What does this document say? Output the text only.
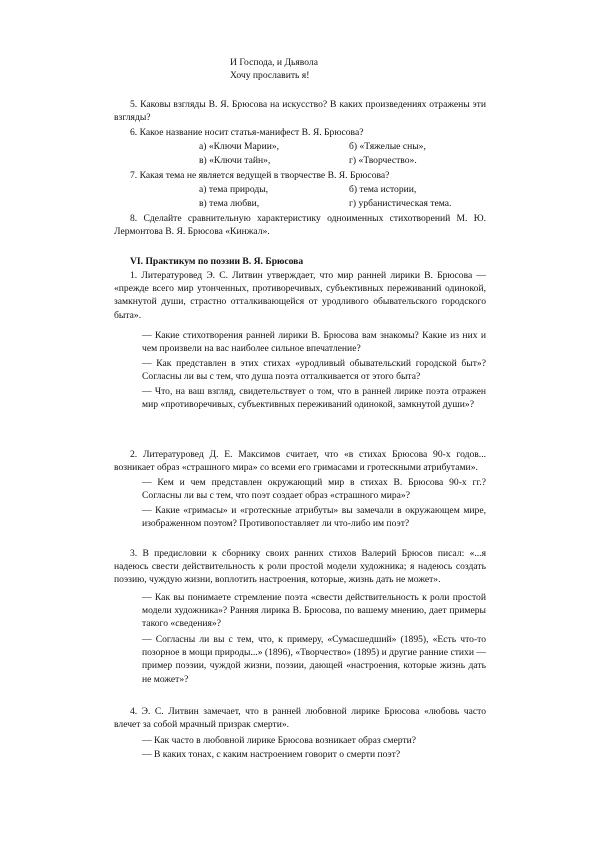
И Господа, и Дьявола
Хочу прославить я!

5. Каковы взгляды В. Я. Брюсова на искусство? В каких произведениях отражены эти взгляды?

6. Какое название носит статья-манифест В. Я. Брюсова?

а) «Ключи Марии»,	б) «Тяжелые сны»,
в) «Ключи тайн»,	г) «Творчество».

7. Какая тема не является ведущей в творчестве В. Я. Брюсова?

а) тема природы,	б) тема истории,
в) тема любви,	г) урбанистическая тема.

8. Сделайте сравнительную характеристику одноименных стихотворений М. Ю. Лермонтова В. Я. Брюсова «Кинжал».

VI. Практикум по поэзии В. Я. Брюсова

1. Литературовед Э. С. Литвин утверждает, что мир ранней лирики В. Брюсова — «прежде всего мир утонченных, противоречивых, субъективных переживаний одинокой, замкнутой души, страстно отталкивающейся от уродливого обывательского городского быта».

— Какие стихотворения ранней лирики В. Брюсова вам знакомы? Какие из них и чем произвели на вас наиболее сильное впечатление?

— Как представлен в этих стихах «уродливый обывательский городской быт»? Согласны ли вы с тем, что душа поэта отталкивается от этого быта?

— Что, на ваш взгляд, свидетельствует о том, что в ранней лирике поэта отражен мир «противоречивых, субъективных переживаний одинокой, замкнутой души»?

2. Литературовед Д. Е. Максимов считает, что «в стихах Брюсова 90-х годов... возникает образ «страшного мира» со всеми его гримасами и гротескными атрибутами».

— Кем и чем представлен окружающий мир в стихах В. Брюсова 90-х гг.? Согласны ли вы с тем, что поэт создает образ «страшного мира»?

— Какие «гримасы» и «гротескные атрибуты» вы замечали в окружающем мире, изображенном поэтом? Противопоставляет ли что-либо им поэт?

3. В предисловии к сборнику своих ранних стихов Валерий Брюсов писал: «...я надеюсь свести действительность к роли простой модели художника; я надеюсь создать поэзию, чуждую жизни, воплотить настроения, которые, жизнь дать не может».

— Как вы понимаете стремление поэта «свести действительность к роли простой модели художника»? Ранняя лирика В. Брюсова, по вашему мнению, дает примеры такого «сведения»?

— Согласны ли вы с тем, что, к примеру, «Сумасшедший» (1895), «Есть что-то позорное в мощи природы...» (1896), «Творчество» (1895) и другие ранние стихи — пример поэзии, чуждой жизни, поэзии, дающей «настроения, которые жизнь дать не может»?

4. Э. С. Литвин замечает, что в ранней любовной лирике Брюсова «любовь часто влечет за собой мрачный призрак смерти».

— Как часто в любовной лирике Брюсова возникает образ смерти?

— В каких тонах, с каким настроением говорит о смерти поэт?
